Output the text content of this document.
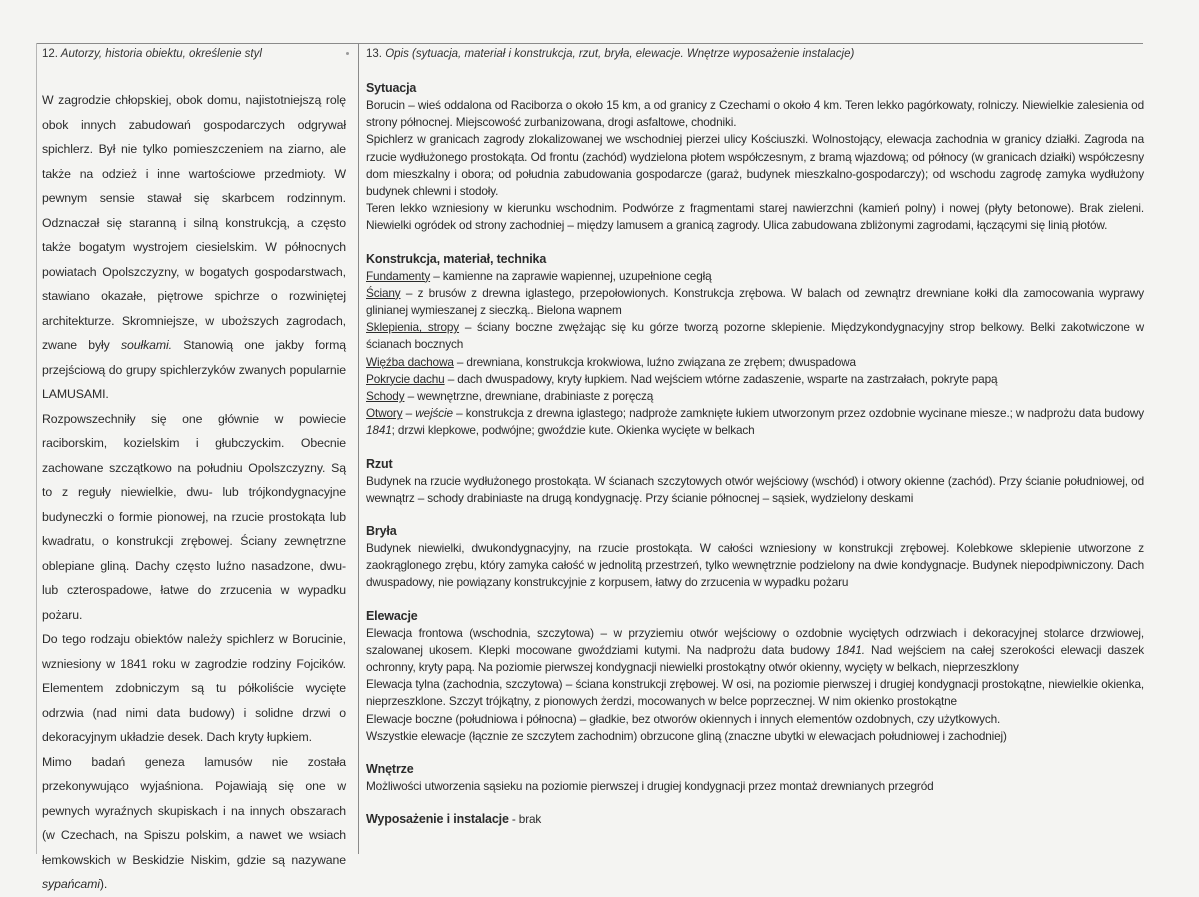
12. Autorzy, historia obiektu, określenie styl

W zagrodzie chłopskiej, obok domu, najistotniejszą rolę obok innych zabudowań gospodarczych odgrywał spichlerz. Był nie tylko pomieszczeniem na ziarno, ale także na odzież i inne wartościowe przedmioty. W pewnym sensie stawał się skarbcem rodzinnym. Odznaczał się staranną i silną konstrukcją, a często także bogatym wystrojem ciesielskim. W północnych powiatach Opolszczyzny, w bogatych gospodarstwach, stawiano okazałe, piętrowe spichrze o rozwiniętej architekturze. Skromniejsze, w uboższych zagrodach, zwane były soułkami. Stanowią one jakby formą przejściową do grupy spichlerzyków zwanych popularnie LAMUSAMI.

Rozpowszechniły się one głównie w powiecie raciborskim, kozielskim i głubczyckim. Obecnie zachowane szczątkowo na południu Opolszczyzny. Są to z reguły niewielkie, dwu- lub trójkondygnacyjne budyneczki o formie pionowej, na rzucie prostokąta lub kwadratu, o konstrukcji zrębowej. Ściany zewnętrzne oblepiane gliną. Dachy często luźno nasadzone, dwu- lub czterospadowe, łatwe do zrzucenia w wypadku pożaru.

Do tego rodzaju obiektów należy spichlerz w Borucinie, wzniesiony w 1841 roku w zagrodzie rodziny Fojcików. Elementem zdobniczym są tu półkoliście wycięte odrzwia (nad nimi data budowy) i solidne drzwi o dekoracyjnym układzie desek. Dach kryty łupkiem.

Mimo badań geneza lamusów nie została przekonywująco wyjaśniona. Pojawiają się one w pewnych wyraźnych skupiskach i na innych obszarach (w Czechach, na Spiszu polskim, a nawet we wsiach łemkowskich w Beskidzie Niskim, gdzie są nazywane sypańcami).

13. Opis (sytuacja, materiał i konstrukcja, rzut, bryła, elewacje. Wnętrze wyposażenie instalacje)
Sytuacja

Borucin – wieś oddalona od Raciborza o około 15 km, a od granicy z Czechami o około 4 km. Teren lekko pagórkowaty, rolniczy. Niewielkie zalesienia od strony północnej. Miejscowość zurbanizowana, drogi asfaltowe, chodniki.

Spichlerz w granicach zagrody zlokalizowanej we wschodniej pierzei ulicy Kościuszki. Wolnostojący, elewacja zachodnia w granicy działki. Zagroda na rzucie wydłużonego prostokąta. Od frontu (zachód) wydzielona płotem współczesnym, z bramą wjazdową; od północy (w granicach działki) współczesny dom mieszkalny i obora; od południa zabudowania gospodarcze (garaż, budynek mieszkalno-gospodarczy); od wschodu zagrodę zamyka wydłużony budynek chlewni i stodoły.

Teren lekko wzniesiony w kierunku wschodnim. Podwórze z fragmentami starej nawierzchni (kamień polny) i nowej (płyty betonowe). Brak zieleni. Niewielki ogródek od strony zachodniej – między lamusem a granicą zagrody. Ulica zabudowana zbliżonymi zagrodami, łączącymi się linią płotów.

Konstrukcja, materiał, technika

Fundamenty – kamienne na zaprawie wapiennej, uzupełnione cegłą

Ściany – z brusów z drewna iglastego, przepołowionych. Konstrukcja zrębowa. W balach od zewnątrz drewniane kołki dla zamocowania wyprawy glinianej wymieszanej z sieczką.. Bielona wapnem

Sklepienia, stropy – ściany boczne zwężając się ku górze tworzą pozorne sklepienie. Międzykondygnacyjny strop belkowy. Belki zakotwiczone w ścianach bocznych

Więźba dachowa – drewniana, konstrukcja krokwiowa, luźno związana ze zrębem; dwuspadowa

Pokrycie dachu – dach dwuspadowy, kryty łupkiem. Nad wejściem wtórne zadaszenie, wsparte na zastrzałach, pokryte papą

Schody – wewnętrzne, drewniane, drabiniaste z poręczą

Otwory – wejście – konstrukcja z drewna iglastego; nadproże zamknięte łukiem utworzonym przez ozdobnie wycinane miesze.; w nadprożu data budowy 1841; drzwi klepkowe, podwójne; gwoździe kute. Okienka wycięte w belkach

Rzut

Budynek na rzucie wydłużonego prostokąta. W ścianach szczytowych otwór wejściowy (wschód) i otwory okienne (zachód). Przy ścianie południowej, od wewnątrz – schody drabiniaste na drugą kondygnację. Przy ścianie północnej – sąsiek, wydzielony deskami

Bryła

Budynek niewielki, dwukondygnacyjny, na rzucie prostokąta. W całości wzniesiony w konstrukcji zrębowej. Kolebkowe sklepienie utworzone z zaokrąglonego zrębu, który zamyka całość w jednolitą przestrzeń, tylko wewnętrznie podzielony na dwie kondygnacje. Budynek niepodpiwniczony. Dach dwuspadowy, nie powiązany konstrukcyjnie z korpusem, łatwy do zrzucenia w wypadku pożaru

Elewacje

Elewacja frontowa (wschodnia, szczytowa) – w przyziemiu otwór wejściowy o ozdobnie wyciętych odrzwiach i dekoracyjnej stolarce drzwiowej, szalowanej ukosem. Klepki mocowane gwoździami kutymi. Na nadprożu data budowy 1841. Nad wejściem na całej szerokości elewacji daszek ochronny, kryty papą. Na poziomie pierwszej kondygnacji niewielki prostokątny otwór okienny, wycięty w belkach, nieprzeszklony

Elewacja tylna (zachodnia, szczytowa) – ściana konstrukcji zrębowej. W osi, na poziomie pierwszej i drugiej kondygnacji prostokątne, niewielkie okienka, nieprzeszklone. Szczyt trójkątny, z pionowych żerdzi, mocowanych w belce poprzecznej. W nim okienko prostokątne

Elewacje boczne (południowa i północna) – gładkie, bez otworów okiennych i innych elementów ozdobnych, czy użytkowych.

Wszystkie elewacje (łącznie ze szczytem zachodnim) obrzucone gliną (znaczne ubytki w elewacjach południowej i zachodniej)

Wnętrze

Możliwości utworzenia sąsieku na poziomie pierwszej i drugiej kondygnacji przez montaż drewnianych przegród

Wyposażenie i instalacje - brak
